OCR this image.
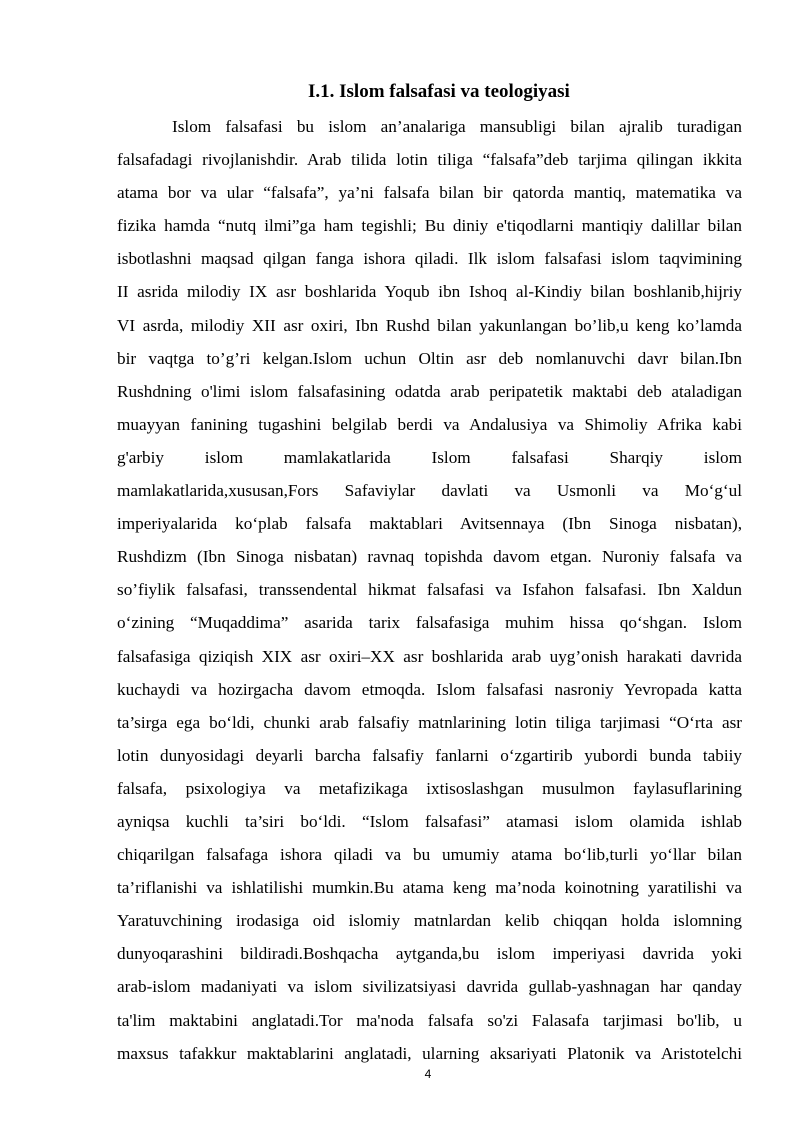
I.1. Islom falsafasi va teologiyasi
Islom falsafasi bu islom an’analariga mansubligi bilan ajralib turadigan
falsafadagi rivojlanishdir. Arab tilida lotin tiliga “falsafa”deb tarjima qilingan ikkita
atama bor va ular “falsafa”, ya’ni falsafa bilan bir qatorda mantiq, matematika va
fizika hamda “nutq ilmi”ga ham tegishli; Bu diniy e'tiqodlarni mantiqiy dalillar bilan
isbotlashni maqsad qilgan fanga ishora qiladi. Ilk islom falsafasi islom taqvimining
II asrida milodiy IX asr boshlarida Yoqub ibn Ishoq al-Kindiy bilan boshlanib,hijriy
VI asrda, milodiy XII asr oxiri, Ibn Rushd bilan yakunlangan bo’lib,u keng ko’lamda
bir vaqtga to’g’ri kelgan.Islom uchun Oltin asr deb nomlanuvchi davr bilan.Ibn
Rushdning o'limi islom falsafasining odatda arab peripatetik maktabi deb ataladigan
muayyan fanining tugashini belgilab berdi va Andalusiya va Shimoliy Afrika kabi
g'arbiy islom mamlakatlarida Islom falsafasi Sharqiy islom
mamlakatlarida,xususan,Fors Safaviylar davlati va Usmonli va Mo‘g‘ul
imperiyalarida ko‘plab falsafa maktablari Avitsennaya (Ibn Sinoga nisbatan),
Rushdizm (Ibn Sinoga nisbatan) ravnaq topishda davom etgan. Nuroniy falsafa va
so’fiylik falsafasi, transsendental hikmat falsafasi va Isfahon falsafasi. Ibn Xaldun
o‘zining “Muqaddima” asarida tarix falsafasiga muhim hissa qo‘shgan. Islom
falsafasiga qiziqish XIX asr oxiri–XX asr boshlarida arab uyg’onish harakati davrida
kuchaydi va hozirgacha davom etmoqda. Islom falsafasi nasroniy Yevropada katta
ta’sirga ega bo‘ldi, chunki arab falsafiy matnlarining lotin tiliga tarjimasi “O‘rta asr
lotin dunyosidagi deyarli barcha falsafiy fanlarni o‘zgartirib yubordi bunda tabiiy
falsafa, psixologiya va metafizikaga ixtisoslashgan musulmon faylasuflarining
ayniqsa kuchli ta’siri bo‘ldi. “Islom falsafasi” atamasi islom olamida ishlab
chiqarilgan falsafaga ishora qiladi va bu umumiy atama bo‘lib,turli yo‘llar bilan
ta’riflanishi va ishlatilishi mumkin.Bu atama keng ma’noda koinotning yaratilishi va
Yaratuvchining irodasiga oid islomiy matnlardan kelib chiqqan holda islomning
dunyoqarashini bildiradi.Boshqacha aytganda,bu islom imperiyasi davrida yoki
arab-islom madaniyati va islom sivilizatsiyasi davrida gullab-yashnagan har qanday
ta'lim maktabini anglatadi.Tor ma'noda falsafa so'zi Falasafa tarjimasi bo'lib, u
maxsus tafakkur maktablarini anglatadi, ularning aksariyati Platonik va Aristotelchi
4
